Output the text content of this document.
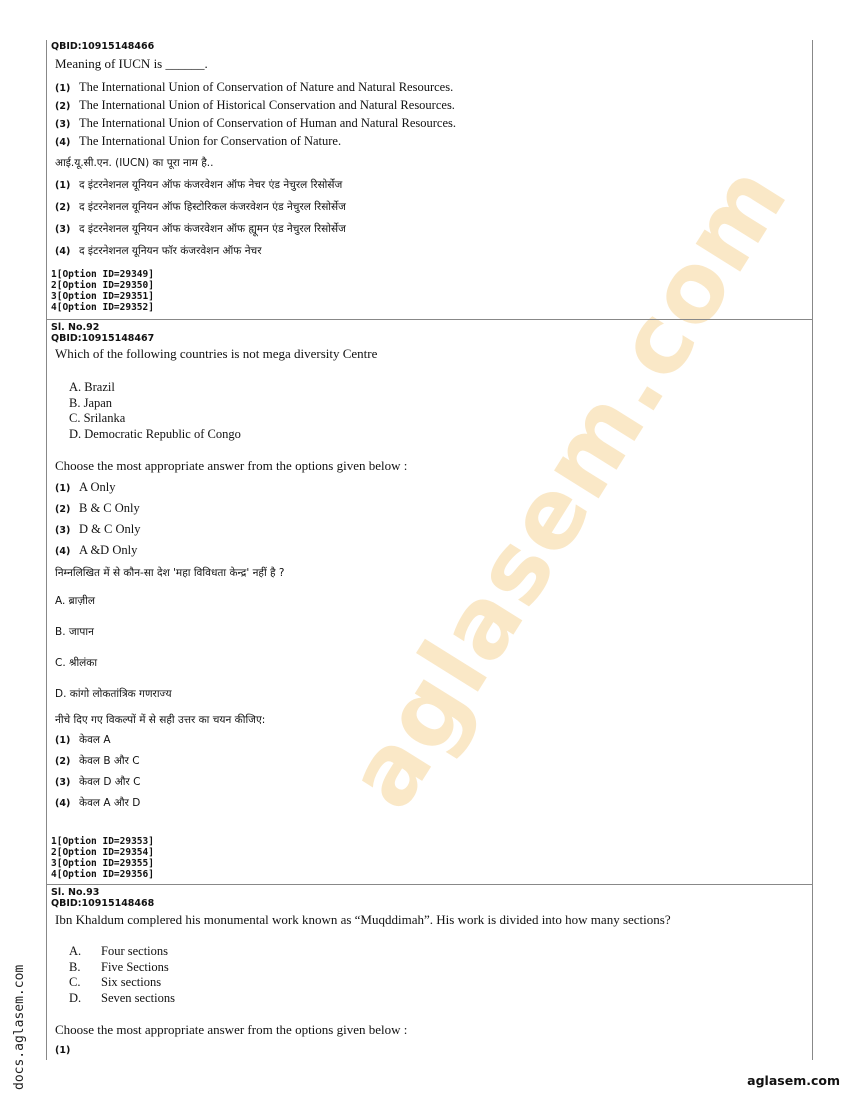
aglasem.com
QBID:10915148466
Meaning of IUCN is ______.
(1) The International Union of Conservation of Nature and Natural Resources.
(2) The International Union of Historical Conservation and Natural Resources.
(3) The International Union of Conservation of Human and Natural Resources.
(4) The International Union for Conservation of Nature.
आई.यू.सी.एन. (IUCN) का पूरा नाम है..
(1) द इंटरनेशनल यूनियन ऑफ कंजरवेशन ऑफ नेचर एंड नेचुरल रिसोर्सेज
(2) द इंटरनेशनल यूनियन ऑफ हिस्टोरिकल कंजरवेशन एंड नेचुरल रिसोर्सेज
(3) द इंटरनेशनल यूनियन ऑफ कंजरवेशन ऑफ ह्यूमन एंड नेचुरल रिसोर्सेज
(4) द इंटरनेशनल यूनियन फॉर कंजरवेशन ऑफ नेचर
1[Option ID=29349]
2[Option ID=29350]
3[Option ID=29351]
4[Option ID=29352]
Sl. No.92
QBID:10915148467
Which of the following countries is not mega diversity Centre
A. Brazil
B. Japan
C. Srilanka
D. Democratic Republic of Congo
Choose the most appropriate answer from the options given below :
(1) A Only
(2) B & C Only
(3) D & C Only
(4) A &D Only
निम्नलिखित में से कौन-सा देश 'महा विविधता केन्द्र' नहीं है ?
A. ब्राज़ील
B. जापान
C. श्रीलंका
D. कांगो लोकतांत्रिक गणराज्य
नीचे दिए गए विकल्पों में से सही उत्तर का चयन कीजिए:
(1) केवल A
(2) केवल B और C
(3) केवल D और C
(4) केवल A और D
1[Option ID=29353]
2[Option ID=29354]
3[Option ID=29355]
4[Option ID=29356]
Sl. No.93
QBID:10915148468
Ibn Khaldum complered his monumental work known as “Muqddimah”. His work is divided into how many sections?
A.	Four sections
B.	Five Sections
C.	Six sections
D.	Seven sections
Choose the most appropriate answer from the options given below :
(1)
docs.aglasem.com	aglasem.com
